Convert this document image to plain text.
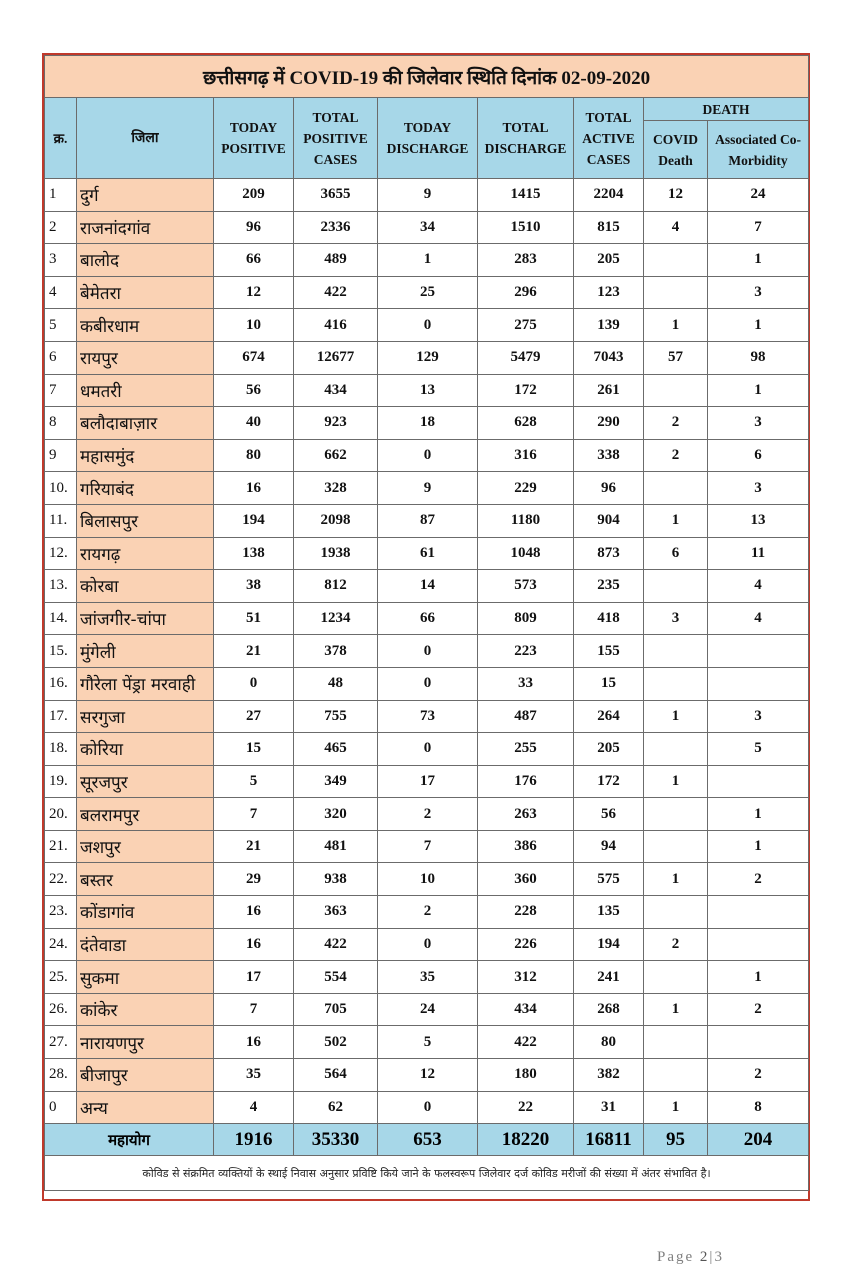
छत्तीसगढ़ में COVID-19 की जिलेवार स्थिति दिनांक 02-09-2020								
क्र.	जिला	TODAY POSITIVE	TOTAL POSITIVE CASES	TODAY DISCHARGE	TOTAL DISCHARGE	TOTAL ACTIVE CASES	DEATH	
							COVID Death	Associated Co-Morbidity
1	दुर्ग	209	3655	9	1415	2204	12	24
2	राजनांदगांव	96	2336	34	1510	815	4	7
3	बालोद	66	489	1	283	205		1
4	बेमेतरा	12	422	25	296	123		3
5	कबीरधाम	10	416	0	275	139	1	1
6	रायपुर	674	12677	129	5479	7043	57	98
7	धमतरी	56	434	13	172	261		1
8	बलौदाबाज़ार	40	923	18	628	290	2	3
9	महासमुंद	80	662	0	316	338	2	6
10.	गरियाबंद	16	328	9	229	96		3
11.	बिलासपुर	194	2098	87	1180	904	1	13
12.	रायगढ़	138	1938	61	1048	873	6	11
13.	कोरबा	38	812	14	573	235		4
14.	जांजगीर-चांपा	51	1234	66	809	418	3	4
15.	मुंगेली	21	378	0	223	155		
16.	गौरेला पेंड्रा मरवाही	0	48	0	33	15		
17.	सरगुजा	27	755	73	487	264	1	3
18.	कोरिया	15	465	0	255	205		5
19.	सूरजपुर	5	349	17	176	172	1	
20.	बलरामपुर	7	320	2	263	56		1
21.	जशपुर	21	481	7	386	94		1
22.	बस्तर	29	938	10	360	575	1	2
23.	कोंडागांव	16	363	2	228	135		
24.	दंतेवाडा	16	422	0	226	194	2	
25.	सुकमा	17	554	35	312	241		1
26.	कांकेर	7	705	24	434	268	1	2
27.	नारायणपुर	16	502	5	422	80		
28.	बीजापुर	35	564	12	180	382		2
0	अन्य	4	62	0	22	31	1	8
महायोग		1916	35330	653	18220	16811	95	204
कोविड से संक्रमित व्यक्तियों के स्थाई निवास अनुसार प्रविष्टि किये जाने के फलस्वरूप जिलेवार दर्ज कोविड मरीजों की संख्या में अंतर संभावित है।								
Page 2|3
